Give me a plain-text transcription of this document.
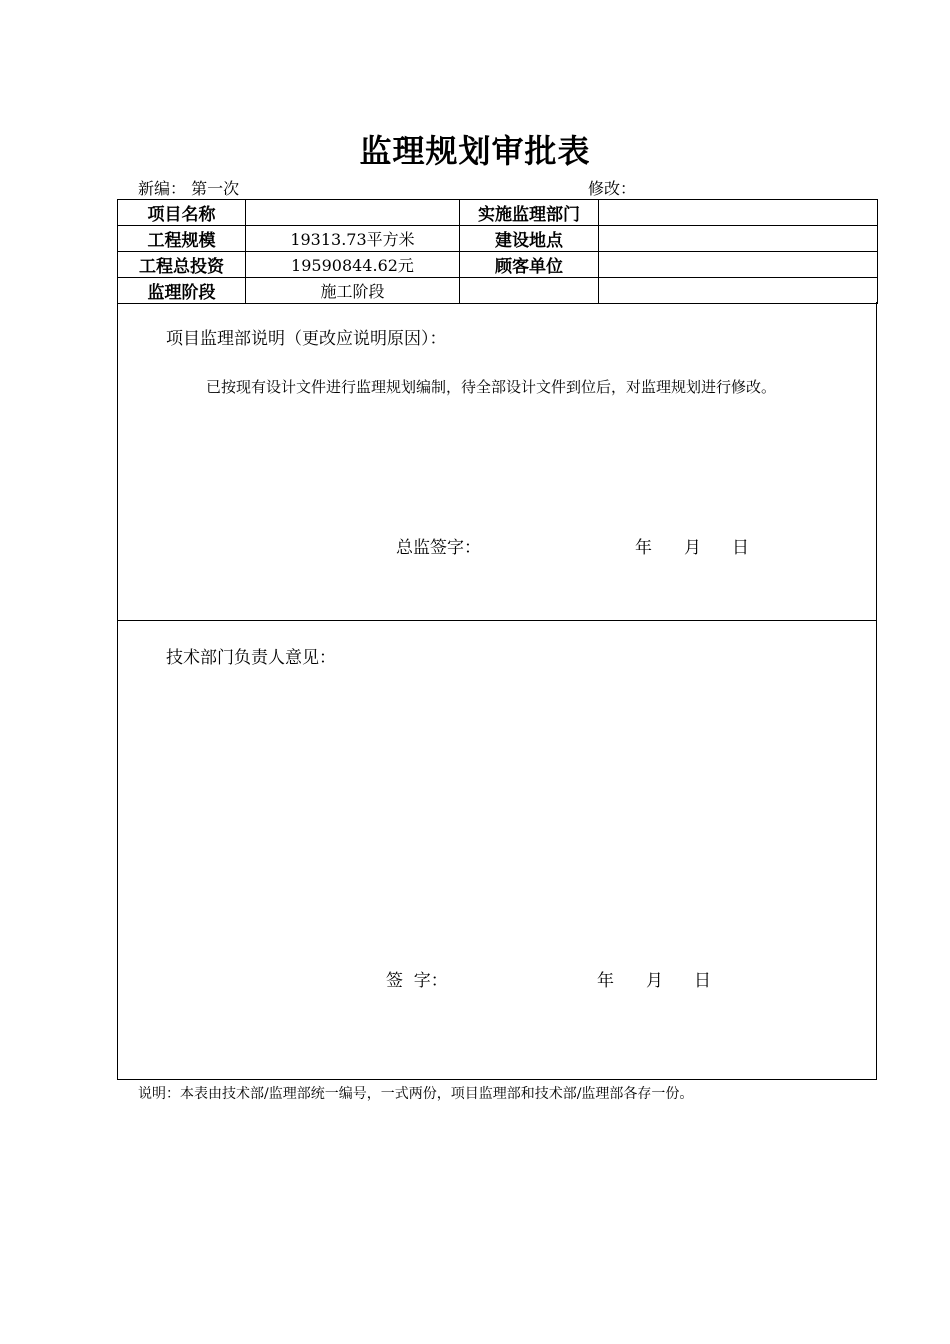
监理规划审批表
新编： 第一次	修改：
项目名称		实施监理部门	
工程规模	19313.73平方米	建设地点	
工程总投资	19590844.62元	顾客单位	
监理阶段	施工阶段		
项目监理部说明（更改应说明原因）：
已按现有设计文件进行监理规划编制，待全部设计文件到位后，对监理规划进行修改。
总监签字：	年 月 日
技术部门负责人意见：
签  字：	年 月 日
说明：本表由技术部/监理部统一编号，一式两份，项目监理部和技术部/监理部各存一份。
